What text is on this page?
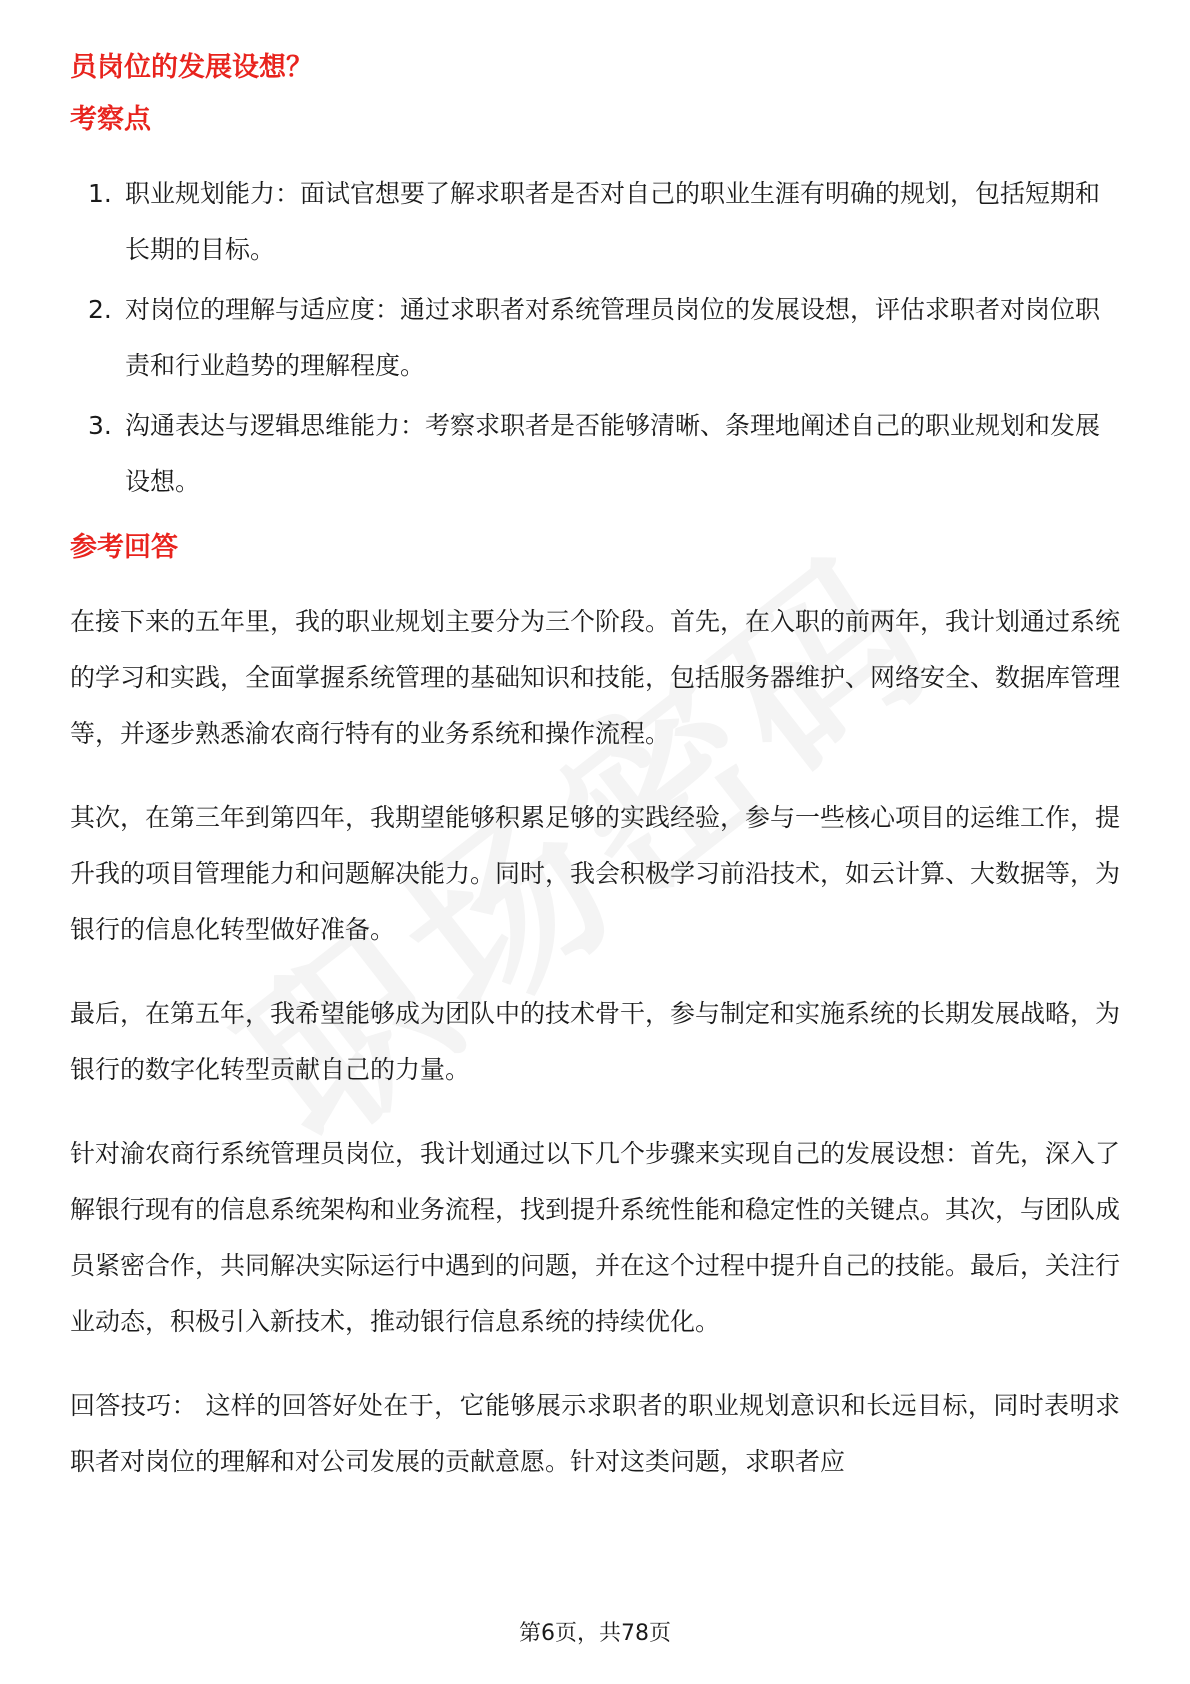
员岗位的发展设想？
考察点
1. 职业规划能力：面试官想要了解求职者是否对自己的职业生涯有明确的规划，包括短期和长期的目标。
2. 对岗位的理解与适应度：通过求职者对系统管理员岗位的发展设想，评估求职者对岗位职责和行业趋势的理解程度。
3. 沟通表达与逻辑思维能力：考察求职者是否能够清晰、条理地阐述自己的职业规划和发展设想。
参考回答

在接下来的五年里，我的职业规划主要分为三个阶段。首先，在入职的前两年，我计划通过系统的学习和实践，全面掌握系统管理的基础知识和技能，包括服务器维护、网络安全、数据库管理等，并逐步熟悉渝农商行特有的业务系统和操作流程。

其次，在第三年到第四年，我期望能够积累足够的实践经验，参与一些核心项目的运维工作，提升我的项目管理能力和问题解决能力。同时，我会积极学习前沿技术，如云计算、大数据等，为银行的信息化转型做好准备。

最后，在第五年，我希望能够成为团队中的技术骨干，参与制定和实施系统的长期发展战略，为银行的数字化转型贡献自己的力量。

针对渝农商行系统管理员岗位，我计划通过以下几个步骤来实现自己的发展设想：首先，深入了解银行现有的信息系统架构和业务流程，找到提升系统性能和稳定性的关键点。其次，与团队成员紧密合作，共同解决实际运行中遇到的问题，并在这个过程中提升自己的技能。最后，关注行业动态，积极引入新技术，推动银行信息系统的持续优化。

回答技巧： 这样的回答好处在于，它能够展示求职者的职业规划意识和长远目标，同时表明求职者对岗位的理解和对公司发展的贡献意愿。针对这类问题，求职者应

第6页，共78页
